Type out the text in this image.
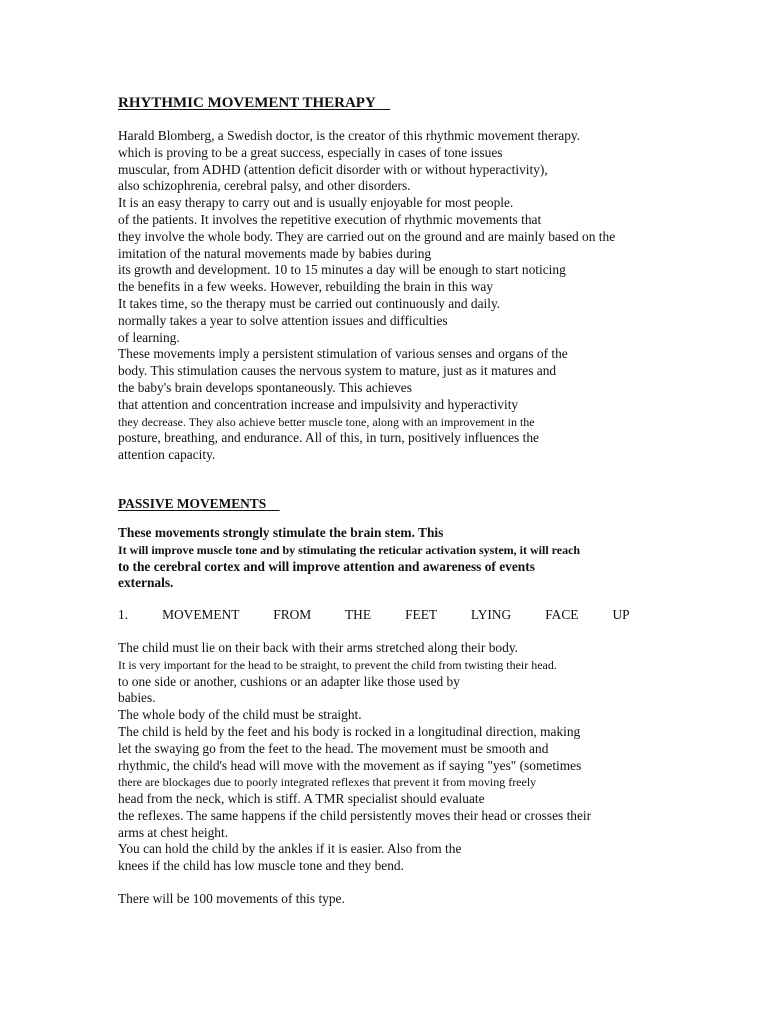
RHYTHMIC MOVEMENT THERAPY
Harald Blomberg, a Swedish doctor, is the creator of this rhythmic movement therapy.
which is proving to be a great success, especially in cases of tone issues
muscular, from ADHD (attention deficit disorder with or without hyperactivity),
also schizophrenia, cerebral palsy, and other disorders.
It is an easy therapy to carry out and is usually enjoyable for most people.
of the patients. It involves the repetitive execution of rhythmic movements that
they involve the whole body. They are carried out on the ground and are mainly based on the
imitation of the natural movements made by babies during
its growth and development. 10 to 15 minutes a day will be enough to start noticing
the benefits in a few weeks. However, rebuilding the brain in this way
It takes time, so the therapy must be carried out continuously and daily.
normally takes a year to solve attention issues and difficulties
of learning.
These movements imply a persistent stimulation of various senses and organs of the
body. This stimulation causes the nervous system to mature, just as it matures and
the baby's brain develops spontaneously. This achieves
that attention and concentration increase and impulsivity and hyperactivity
they decrease. They also achieve better muscle tone, along with an improvement in the
posture, breathing, and endurance. All of this, in turn, positively influences the
attention capacity.
PASSIVE MOVEMENTS
These movements strongly stimulate the brain stem. This
It will improve muscle tone and by stimulating the reticular activation system, it will reach
to the cerebral cortex and will improve attention and awareness of events
externals.
1.   MOVEMENT   FROM   THE   FEET   LYING   FACE   UP
The child must lie on their back with their arms stretched along their body.
It is very important for the head to be straight, to prevent the child from twisting their head.
to one side or another, cushions or an adapter like those used by
babies.
The whole body of the child must be straight.
The child is held by the feet and his body is rocked in a longitudinal direction, making
let the swaying go from the feet to the head. The movement must be smooth and
rhythmic, the child's head will move with the movement as if saying "yes" (sometimes
there are blockages due to poorly integrated reflexes that prevent it from moving freely
head from the neck, which is stiff. A TMR specialist should evaluate
the reflexes. The same happens if the child persistently moves their head or crosses their
arms at chest height.
You can hold the child by the ankles if it is easier. Also from the
knees if the child has low muscle tone and they bend.
There will be 100 movements of this type.
